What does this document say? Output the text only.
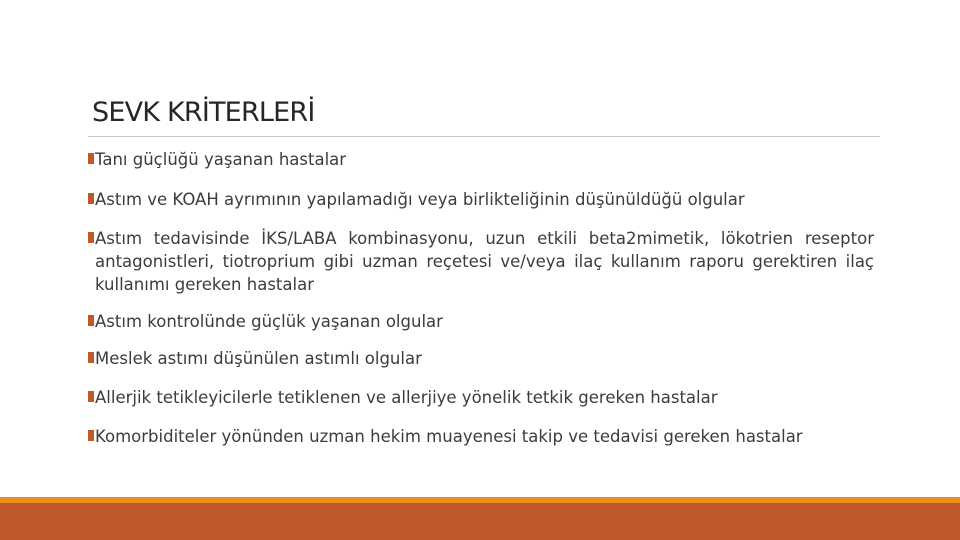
SEVK KRİTERLERİ
Tanı güçlüğü yaşanan hastalar
Astım ve KOAH ayrımının yapılamadığı veya birlikteliğinin düşünüldüğü olgular
Astım tedavisinde İKS/LABA kombinasyonu, uzun etkili beta2mimetik, lökotrien reseptor antagonistleri, tiotroprium gibi uzman reçetesi ve/veya ilaç kullanım raporu gerektiren ilaç kullanımı gereken hastalar
Astım kontrolünde güçlük yaşanan olgular
Meslek astımı düşünülen astımlı olgular
Allerjik tetikleyicilerle tetiklenen ve allerjiye yönelik tetkik gereken hastalar
Komorbiditeler yönünden uzman hekim muayenesi takip ve tedavisi gereken hastalar
